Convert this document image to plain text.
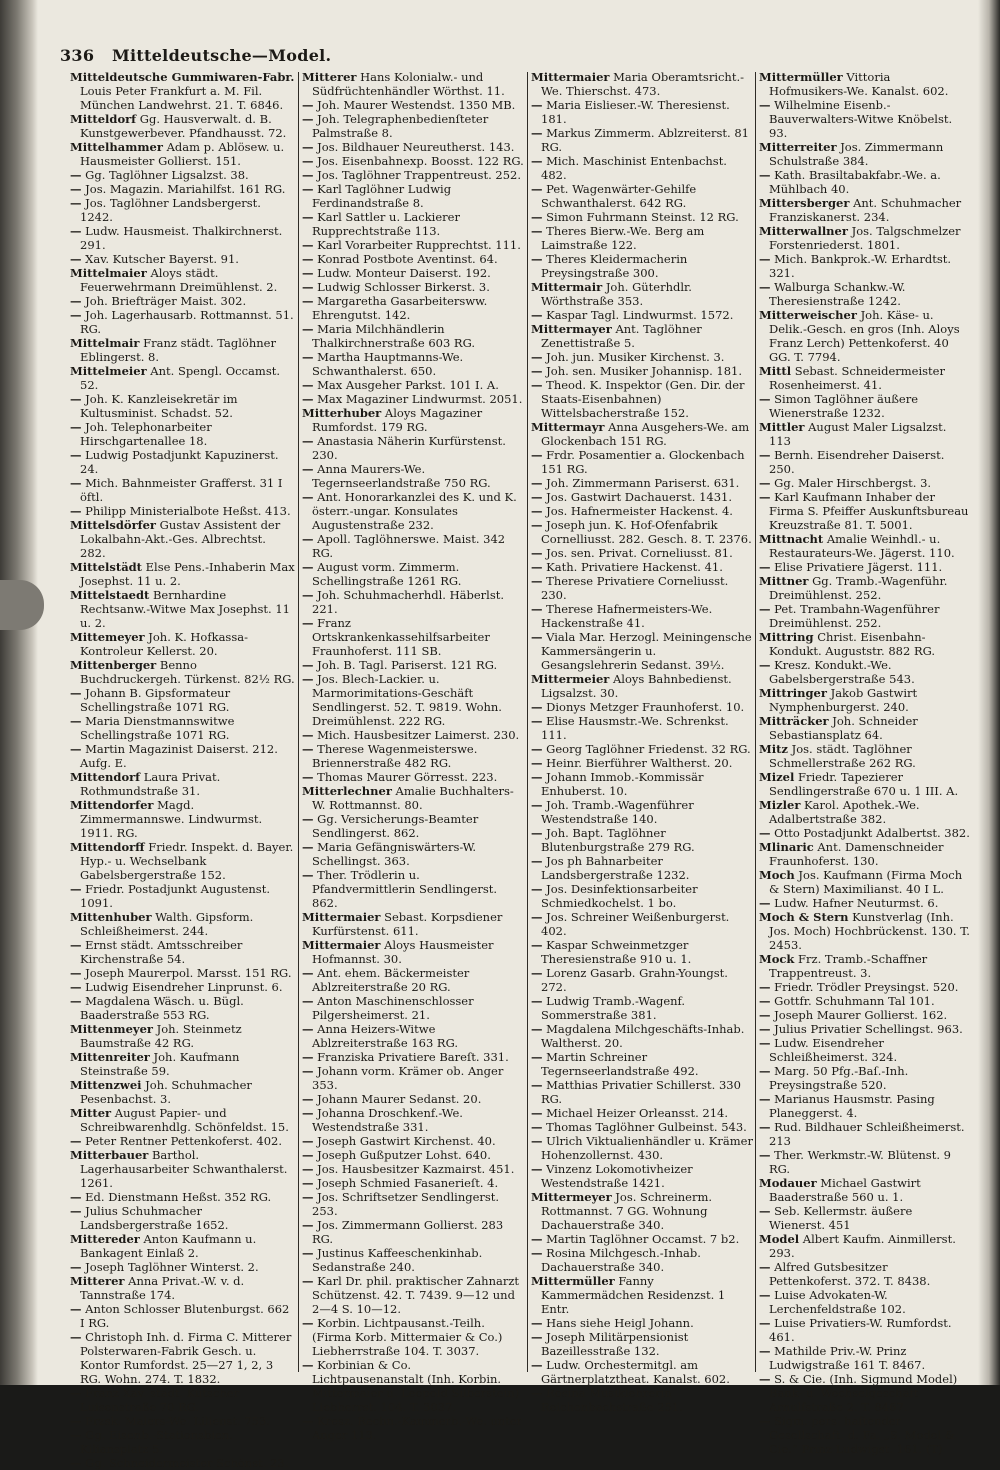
336 Mitteldeutsche—Model.

Mitteldeutsche Gummiwaren-Fabr. Louis Peter Frankfurt a. M. Fil. München Landwehrst. 21. T. 6846.

Mitteldorf Gg. Hausverwalt. d. B. Kunstgewerbever. Pfandhausst. 72.

Mittelhammer Adam p. Ablösew. u. Hausmeister Gollierst. 151.

— Gg. Taglöhner Ligsalzst. 38.

— Jos. Magazin. Mariahilfst. 161 RG.

— Jos. Taglöhner Landsbergerst. 1242.

— Ludw. Hausmeist. Thalkirchnerst. 291.

— Xav. Kutscher Bayerst. 91.

Mittelmaier Aloys städt. Feuerwehrmann Dreimühlenst. 2.

— Joh. Briefträger Maist. 302.

— Joh. Lagerhausarb. Rottmannst. 51. RG.

Mittelmair Franz städt. Taglöhner Eblingerst. 8.

Mittelmeier Ant. Spengl. Occamst. 52.

— Joh. K. Kanzleisekretär im Kultusminist. Schadst. 52.

— Joh. Telephonarbeiter Hirschgartenallee 18.

— Ludwig Postadjunkt Kapuzinerst. 24.

— Mich. Bahnmeister Grafferst. 31 I öftl.

— Philipp Ministerialbote Heßst. 413.

Mittelsdörfer Gustav Assistent der Lokalbahn-Akt.-Ges. Albrechtst. 282.

Mittelstädt Else Pens.-Inhaberin Max Josephst. 11 u. 2.

Mittelstaedt Bernhardine Rechtsanw.-Witwe Max Josephst. 11 u. 2.

Mittemeyer Joh. K. Hofkassa-Kontroleur Kellerst. 20.

Mittenberger Benno Buchdruckergeh. Türkenst. 82½ RG.

— Johann B. Gipsformateur Schellingstraße 1071 RG.

— Maria Dienstmannswitwe Schellingstraße 1071 RG.

— Martin Magazinist Daiserst. 212. Aufg. E.

Mittendorf Laura Privat. Rothmundstraße 31.

Mittendorfer Magd. Zimmermannswe. Lindwurmst. 1911. RG.

Mittendorff Friedr. Inspekt. d. Bayer. Hyp.- u. Wechselbank Gabelsbergerstraße 152.

— Friedr. Postadjunkt Augustenst. 1091.

Mittenhuber Walth. Gipsform. Schleißheimerst. 244.

— Ernst städt. Amtsschreiber Kirchenstraße 54.

— Joseph Maurerpol. Marsst. 151 RG.

— Ludwig Eisendreher Linprunst. 6.

— Magdalena Wäsch. u. Bügl. Baaderstraße 553 RG.

Mittenmeyer Joh. Steinmetz Baumstraße 42 RG.

Mittenreiter Joh. Kaufmann Steinstraße 59.

Mittenzwei Joh. Schuhmacher Pesenbachst. 3.

Mitter August Papier- und Schreibwarenhdlg. Schönfeldst. 15.

— Peter Rentner Pettenkoferst. 402.

Mitterbauer Barthol. Lagerhausarbeiter Schwanthalerst. 1261.

— Ed. Dienstmann Heßst. 352 RG.

— Julius Schuhmacher Landsbergerstraße 1652.

Mittereder Anton Kaufmann u. Bankagent Einlaß 2.

— Joseph Taglöhner Winterst. 2.

Mitterer Anna Privat.-W. v. d. Tannstraße 174.

— Anton Schlosser Blutenburgst. 662 I RG.

— Christoph Inh. d. Firma C. Mitterer Polsterwaren-Fabrik Gesch. u. Kontor Rumfordst. 25—27 1, 2, 3 RG. Wohn. 274. T. 1832.

— Franz Xav. städt. Kutscher Luisenstraße 70 RG.

— Frzsk. Malers-We. Lilienst. 753.

— Gg. Eisenb.-Stationsbien. Kiliansplatz 5.

— Gg. Schneidermeister Schönst. 23.

Mitterer Hans Kolonialw.- und Südfrüchtenhändler Wörthst. 11.

— Joh. Maurer Westendst. 1350 MB.

— Joh. Telegraphenbedienſteter Palmstraße 8.

— Jos. Bildhauer Neureutherst. 143.

— Jos. Eisenbahnexp. Boosst. 122 RG.

— Jos. Taglöhner Trappentreust. 252.

— Karl Taglöhner Ludwig Ferdinandstraße 8.

— Karl Sattler u. Lackierer Rupprechtstraße 113.

— Karl Vorarbeiter Rupprechtst. 111.

— Konrad Postbote Aventinst. 64.

— Ludw. Monteur Daiserst. 192.

— Ludwig Schlosser Birkerst. 3.

— Margaretha Gasarbeitersww. Ehrengutst. 142.

— Maria Milchhändlerin Thalkirchnerstraße 603 RG.

— Martha Hauptmanns-We. Schwanthalerst. 650.

— Max Ausgeher Parkst. 101 I. A.

— Max Magaziner Lindwurmst. 2051.

Mitterhuber Aloys Magaziner Rumfordst. 179 RG.

— Anastasia Näherin Kurfürstenst. 230.

— Anna Maurers-We. Tegernseerlandstraße 750 RG.

— Ant. Honorarkanzlei des K. und K. österr.-ungar. Konsulates Augustenstraße 232.

— Apoll. Taglöhnerswe. Maist. 342 RG.

— August vorm. Zimmerm. Schellingstraße 1261 RG.

— Joh. Schuhmacherhdl. Häberlst. 221.

— Franz Ortskrankenkassehilfsarbeiter Fraunhoferst. 111 SB.

— Joh. B. Tagl. Pariserst. 121 RG.

— Jos. Blech-Lackier. u. Marmorimitations-Geschäft Sendlingerst. 52. T. 9819. Wohn. Dreimühlenst. 222 RG.

— Mich. Hausbesitzer Laimerst. 230.

— Therese Wagenmeisterswe. Briennerstraße 482 RG.

— Thomas Maurer Görresst. 223.

Mitterlechner Amalie Buchhalters-W. Rottmannst. 80.

— Gg. Versicherungs-Beamter Sendlingerst. 862.

— Maria Gefängniswärters-W. Schellingst. 363.

— Ther. Trödlerin u. Pfandvermittlerin Sendlingerst. 862.

Mittermaier Sebast. Korpsdiener Kurfürstenst. 611.

Mittermaier Aloys Hausmeister Hofmannst. 30.

— Ant. ehem. Bäckermeister Ablzreiterstraße 20 RG.

— Anton Maschinenschlosser Pilgersheimerst. 21.

— Anna Heizers-Witwe Ablzreiterstraße 163 RG.

— Franziska Privatiere Bareſt. 331.

— Johann vorm. Krämer ob. Anger 353.

— Johann Maurer Sedanst. 20.

— Johanna Droschkenf.-We. Westendstraße 331.

— Joseph Gastwirt Kirchenst. 40.

— Joseph Gußputzer Lohst. 640.

— Jos. Hausbesitzer Kazmairst. 451.

— Joseph Schmied Fasanerieſt. 4.

— Jos. Schriftsetzer Sendlingerst. 253.

— Jos. Zimmermann Gollierst. 283 RG.

— Justinus Kaffeeschenkinhab. Sedanstraße 240.

— Karl Dr. phil. praktischer Zahnarzt Schützenst. 42. T. 7439. 9—12 und 2—4 S. 10—12.

— Korbin. Lichtpausanst.-Teilh. (Firma Korb. Mittermaier & Co.) Liebherrstraße 104. T. 3037.

— Korbinian & Co. Lichtpausenanstalt (Inh. Korbin. Mittermaier u. Leopold Silberstein) Liebherrst. 104. T. 3037.

— Kresz. Rechn.-Kammerb.-We. unter Anger 113.

Mittermaier Maria Oberamtsricht.-We. Thierschst. 473.

— Maria Eislieser.-W. Theresienst. 181.

— Markus Zimmerm. Ablzreiterst. 81 RG.

— Mich. Maschinist Entenbachst. 482.

— Pet. Wagenwärter-Gehilfe Schwanthalerst. 642 RG.

— Simon Fuhrmann Steinst. 12 RG.

— Theres Bierw.-We. Berg am Laimstraße 122.

— Theres Kleidermacherin Preysingstraße 300.

Mittermair Joh. Güterhdlr. Wörthstraße 353.

— Kaspar Tagl. Lindwurmst. 1572.

Mittermayer Ant. Taglöhner Zenettistraße 5.

— Joh. jun. Musiker Kirchenst. 3.

— Joh. sen. Musiker Johannisp. 181.

— Theod. K. Inspektor (Gen. Dir. der Staats-Eisenbahnen) Wittelsbacherstraße 152.

Mittermayr Anna Ausgehers-We. am Glockenbach 151 RG.

— Frdr. Posamentier a. Glockenbach 151 RG.

— Joh. Zimmermann Pariserst. 631.

— Jos. Gastwirt Dachauerst. 1431.

— Jos. Hafnermeister Hackenst. 4.

— Joseph jun. K. Hof-Ofenfabrik Cornelliusst. 282. Gesch. 8. T. 2376.

— Jos. sen. Privat. Corneliusst. 81.

— Kath. Privatiere Hackenst. 41.

— Therese Privatiere Corneliusst. 230.

— Therese Hafnermeisters-We. Hackenstraße 41.

— Viala Mar. Herzogl. Meiningensche Kammersängerin u. Gesangslehrerin Sedanst. 39½.

Mittermeier Aloys Bahnbedienst. Ligsalzst. 30.

— Dionys Metzger Fraunhoferst. 10.

— Elise Hausmstr.-We. Schrenkst. 111.

— Georg Taglöhner Friedenst. 32 RG.

— Heinr. Bierführer Waltherst. 20.

— Johann Immob.-Kommissär Enhuberst. 10.

— Joh. Tramb.-Wagenführer Westendstraße 140.

— Joh. Bapt. Taglöhner Blutenburgstraße 279 RG.

— Jos ph Bahnarbeiter Landsbergerstraße 1232.

— Jos. Desinfektionsarbeiter Schmiedkochelst. 1 bo.

— Jos. Schreiner Weißenburgerst. 402.

— Kaspar Schweinmetzger Theresienstraße 910 u. 1.

— Lorenz Gasarb. Grahn-Youngst. 272.

— Ludwig Tramb.-Wagenf. Sommerstraße 381.

— Magdalena Milchgeschäfts-Inhab. Waltherst. 20.

— Martin Schreiner Tegernseerlandstraße 492.

— Matthias Privatier Schillerst. 330 RG.

— Michael Heizer Orleansst. 214.

— Thomas Taglöhner Gulbeinst. 543.

— Ulrich Viktualienhändler u. Krämer Hohenzollernst. 430.

— Vinzenz Lokomotivheizer Westendstraße 1421.

Mittermeyer Jos. Schreinerm. Rottmannst. 7 GG. Wohnung Dachauerstraße 340.

— Martin Taglöhner Occamst. 7 b2.

— Rosina Milchgesch.-Inhab. Dachauerstraße 340.

Mittermüller Fanny Kammermädchen Residenzst. 1 Entr.

— Hans siehe Heigl Johann.

— Joseph Militärpensionist Bazeillesstraße 132.

— Ludw. Orchestermitgl. am Gärtnerplatztheat. Kanalst. 602.

— Rosina Musiklehrerin Reichenbachstraße 251.

Mittermüller Vittoria Hofmusikers-We. Kanalst. 602.

— Wilhelmine Eisenb.-Bauverwalters-Witwe Knöbelst. 93.

Mitterreiter Jos. Zimmermann Schulstraße 384.

— Kath. Brasiltabakfabr.-We. a. Mühlbach 40.

Mittersberger Ant. Schuhmacher Franziskanerst. 234.

Mitterwallner Jos. Talgschmelzer Forstenriederst. 1801.

— Mich. Bankprok.-W. Erhardtst. 321.

— Walburga Schankw.-W. Theresienstraße 1242.

Mitterweischer Joh. Käse- u. Delik.-Gesch. en gros (Inh. Aloys Franz Lerch) Pettenkoferst. 40 GG. T. 7794.

Mittl Sebast. Schneidermeister Rosenheimerst. 41.

— Simon Taglöhner äußere Wienerstraße 1232.

Mittler August Maler Ligsalzst. 113

— Bernh. Eisendreher Daiserst. 250.

— Gg. Maler Hirschbergst. 3.

— Karl Kaufmann Inhaber der Firma S. Pfeiffer Auskunftsbureau Kreuzstraße 81. T. 5001.

Mittnacht Amalie Weinhdl.- u. Restaurateurs-We. Jägerst. 110.

— Elise Privatiere Jägerst. 111.

Mittner Gg. Tramb.-Wagenführ. Dreimühlenst. 252.

— Pet. Trambahn-Wagenführer Dreimühlenst. 252.

Mittring Christ. Eisenbahn-Kondukt. Auguststr. 882 RG.

— Kresz. Kondukt.-We. Gabelsbergerstraße 543.

Mittringer Jakob Gastwirt Nymphenburgerst. 240.

Mitträcker Joh. Schneider Sebastiansplatz 64.

Mitz Jos. städt. Taglöhner Schmellerstraße 262 RG.

Mizel Friedr. Tapezierer Sendlingerstraße 670 u. 1 III. A.

Mizler Karol. Apothek.-We. Adalbertstraße 382.

— Otto Postadjunkt Adalbertst. 382.

Mlinaric Ant. Damenschneider Fraunhoferst. 130.

Moch Jos. Kaufmann (Firma Moch & Stern) Maximilianst. 40 I L.

— Ludw. Hafner Neuturmst. 6.

Moch & Stern Kunstverlag (Inh. Jos. Moch) Hochbrückenst. 130. T. 2453.

Mock Frz. Tramb.-Schaffner Trappentreust. 3.

— Friedr. Trödler Preysingst. 520.

— Gottfr. Schuhmann Tal 101.

— Joseph Maurer Gollierst. 162.

— Julius Privatier Schellingst. 963.

— Ludw. Eisendreher Schleißheimerst. 324.

— Marg. 50 Pfg.-Baſ.-Inh. Preysingstraße 520.

— Marianus Hausmstr. Pasing Planeggerst. 4.

— Rud. Bildhauer Schleißheimerst. 213

— Ther. Werkmstr.-W. Blütenst. 9 RG.

Modauer Michael Gastwirt Baaderstraße 560 u. 1.

— Seb. Kellermstr. äußere Wienerst. 451

Model Albert Kaufm. Ainmillerst. 293.

— Alfred Gutsbesitzer Pettenkoferst. 372. T. 8438.

— Luise Advokaten-W. Lerchenfeldstraße 102.

— Luise Privatiers-W. Rumfordst. 461.

— Mathilde Priv.-W. Prinz Ludwigstraße 161 T. 8467.

— S. & Cie. (Inh. Sigmund Model) Bank- u. Wechselgeschäft Arnulfstraße 2. T. 8467.

— Sigm. pers. haftender Gesellschaft. d. Fa. „S. Model & Cie.“ Prinz Ludwigst. 161. (T)
